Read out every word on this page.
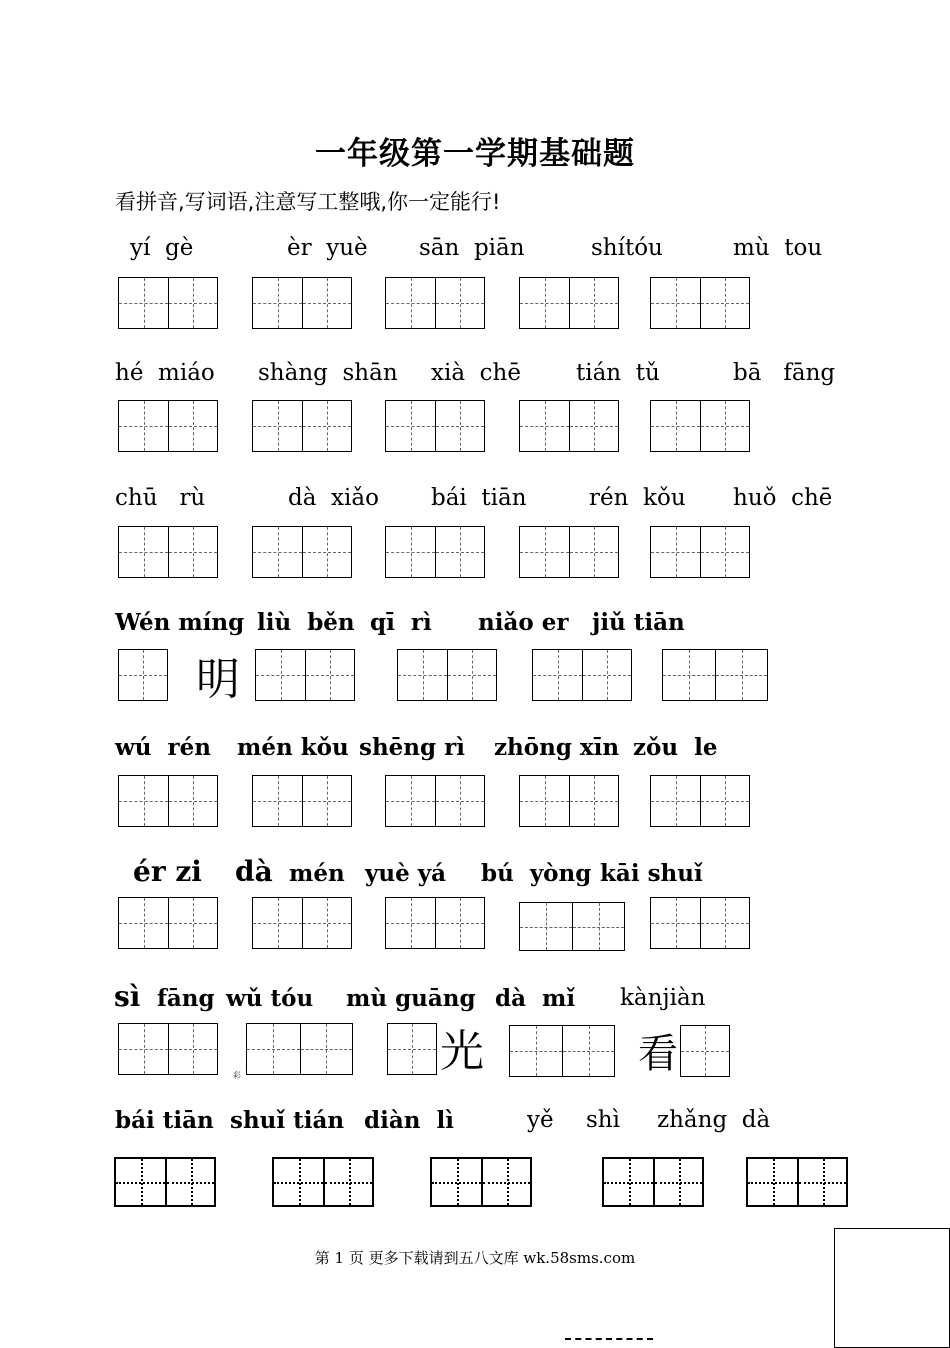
一年级第一学期基础题
看拼音,写词语,注意写工整哦,你一定能行!
yí  gè	èr  yuè sān  piān	shítóu	mù  tou
hé  miáo shàng  shān xià  chē tián  tǔ	bā   fāng
chū   rù	dà  xiǎo bái  tiān	rén  kǒu huǒ  chē
Wén míng liù  běn qī  rì niǎo er jiǔ tiān
明
wú  rén mén kǒu shēng rì zhōng xīn zǒu  le
ér zi dà mén yuè yá bú  yòng kāi shuǐ
sì fāng wǔ tóu mù guāng dà  mǐ kànjiàn
彩	光	看
bái tiān shuǐ tián diàn  lì	yě shì zhǎng  dà
第 1 页 更多下载请到五八文库 wk.58sms.com
